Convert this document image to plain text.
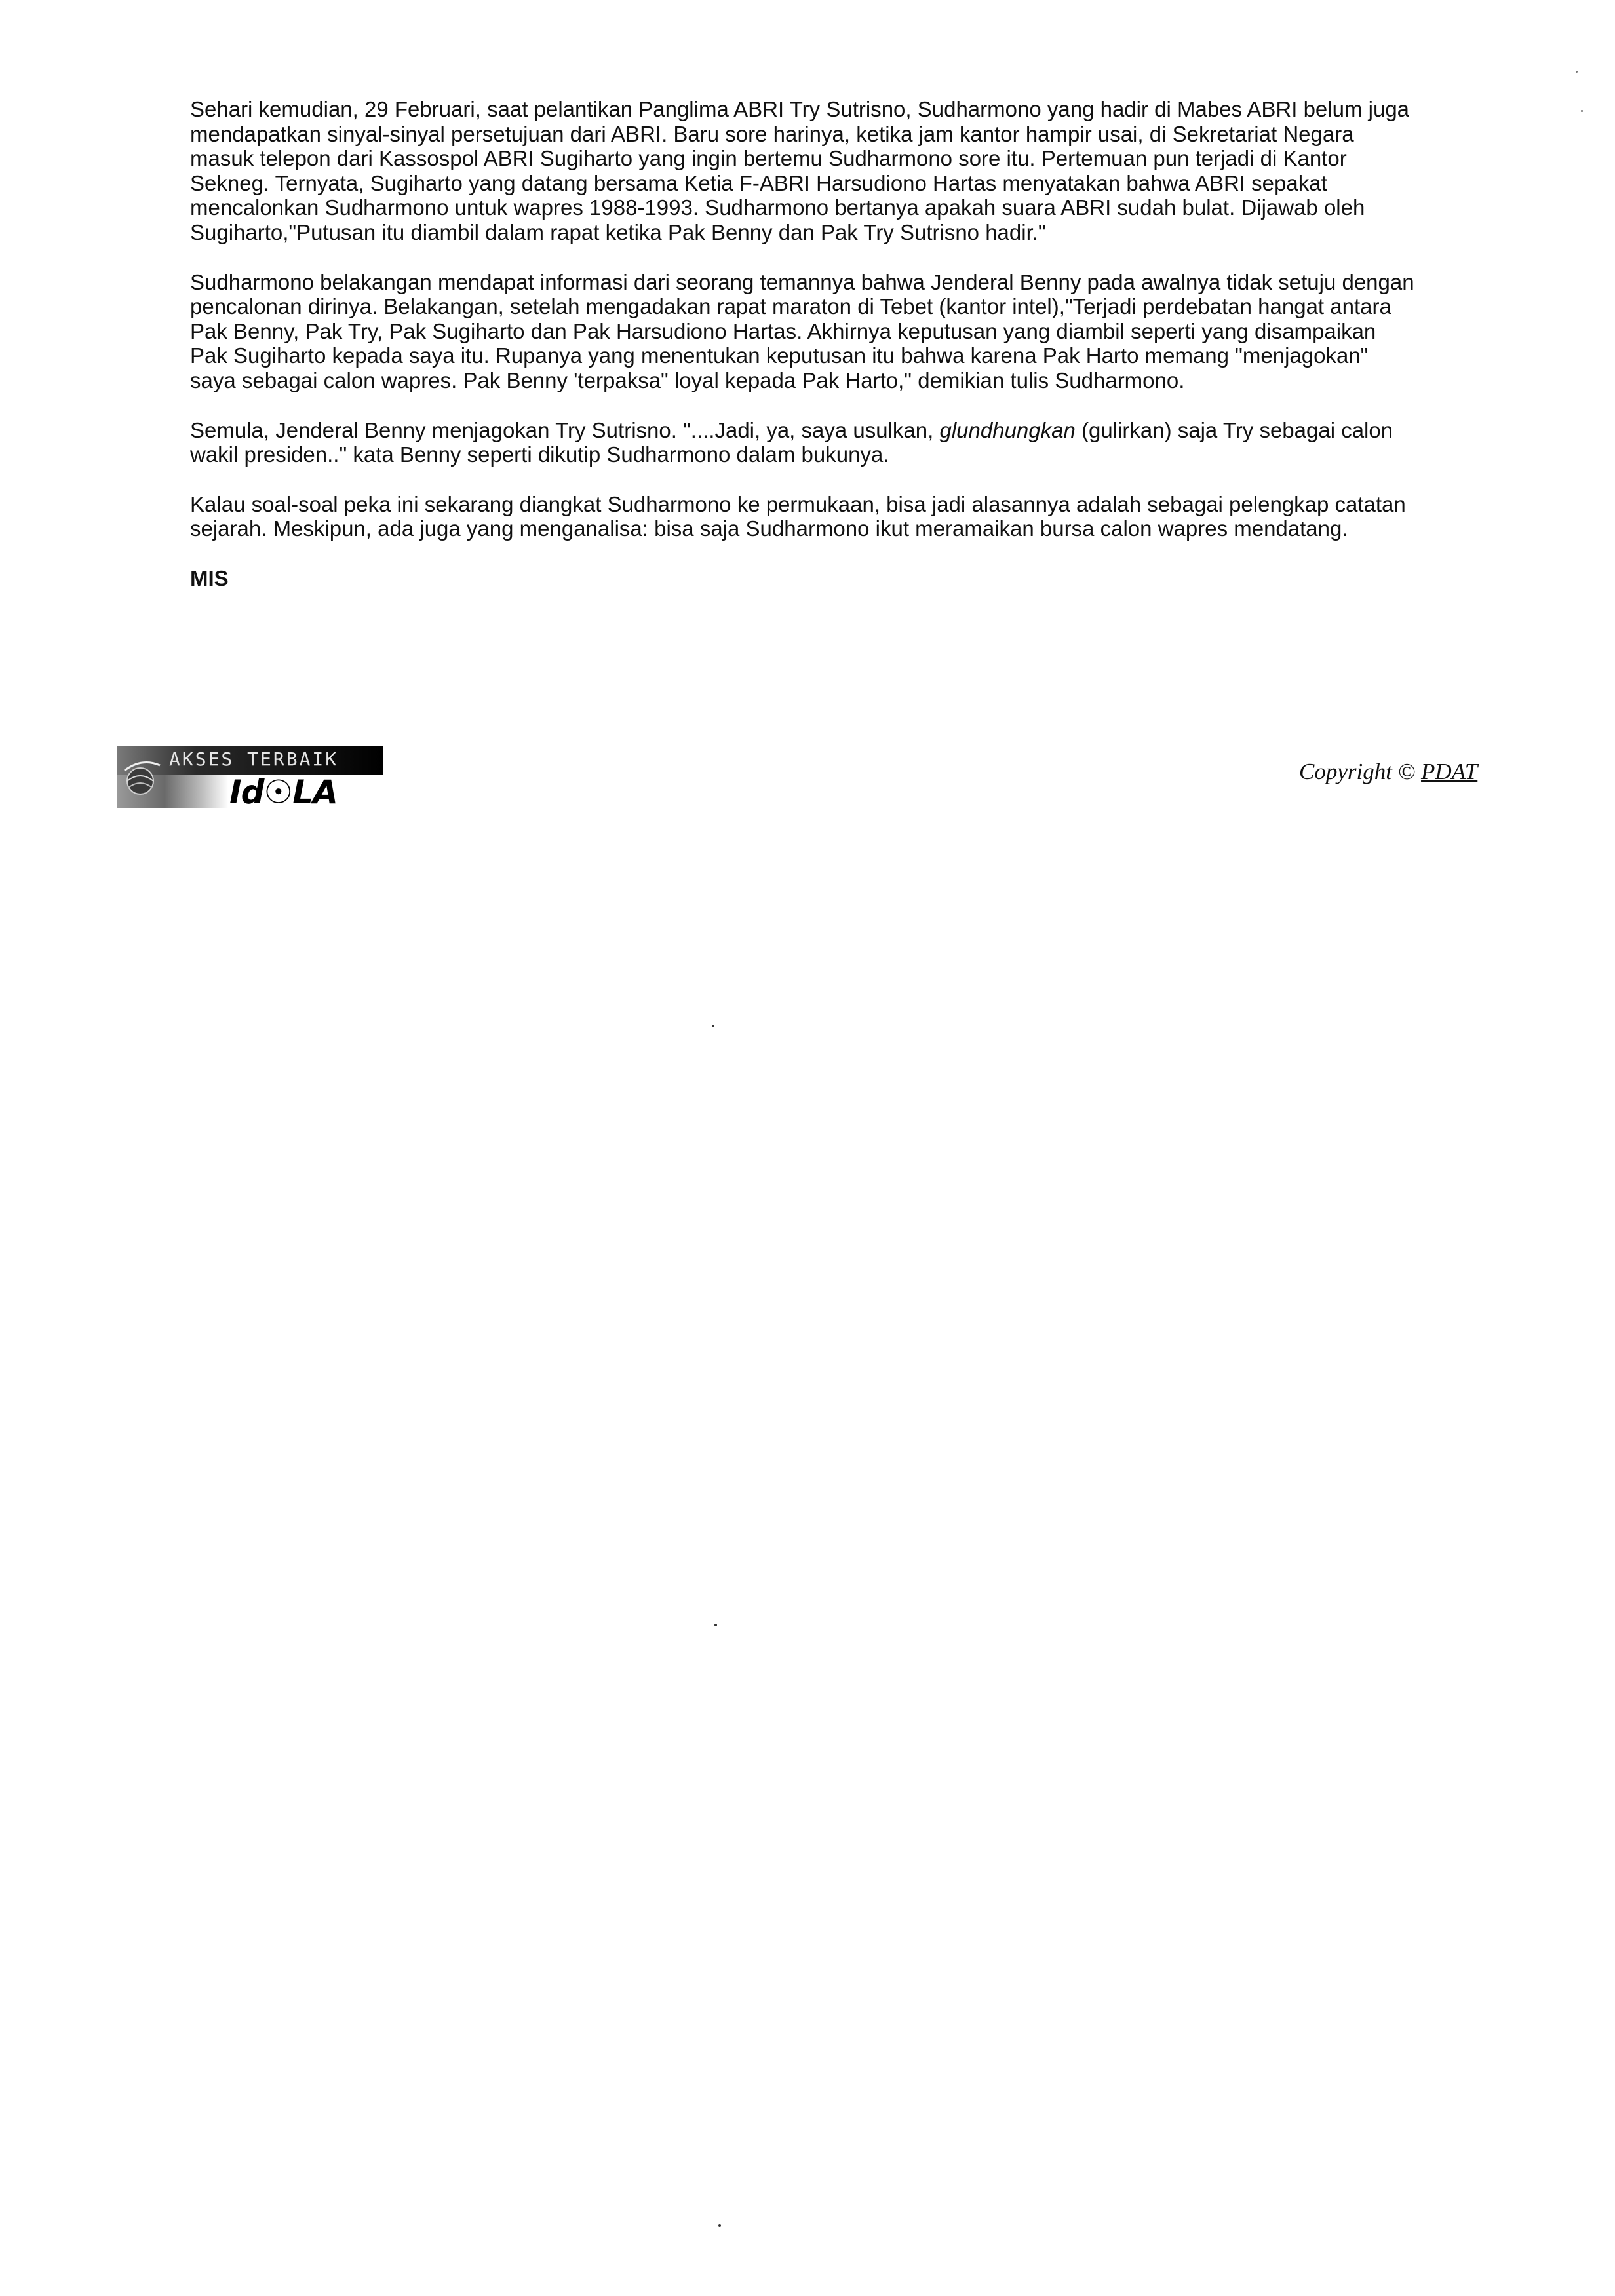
Sehari kemudian, 29 Februari, saat pelantikan Panglima ABRI Try Sutrisno, Sudharmono yang hadir di Mabes ABRI belum juga mendapatkan sinyal-sinyal persetujuan dari ABRI. Baru sore harinya, ketika jam kantor hampir usai, di Sekretariat Negara masuk telepon dari Kassospol ABRI Sugiharto yang ingin bertemu Sudharmono sore itu. Pertemuan pun terjadi di Kantor Sekneg. Ternyata, Sugiharto yang datang bersama Ketia F-ABRI Harsudiono Hartas menyatakan bahwa ABRI sepakat mencalonkan Sudharmono untuk wapres 1988-1993. Sudharmono bertanya apakah suara ABRI sudah bulat. Dijawab oleh Sugiharto,"Putusan itu diambil dalam rapat ketika Pak Benny dan Pak Try Sutrisno hadir."

Sudharmono belakangan mendapat informasi dari seorang temannya bahwa Jenderal Benny pada awalnya tidak setuju dengan pencalonan dirinya. Belakangan, setelah mengadakan rapat maraton di Tebet (kantor intel),"Terjadi perdebatan hangat antara Pak Benny, Pak Try, Pak Sugiharto dan Pak Harsudiono Hartas. Akhirnya keputusan yang diambil seperti yang disampaikan Pak Sugiharto kepada saya itu. Rupanya yang menentukan keputusan itu bahwa karena Pak Harto memang "menjagokan" saya sebagai calon wapres. Pak Benny 'terpaksa" loyal kepada Pak Harto," demikian tulis Sudharmono.

Semula, Jenderal Benny menjagokan Try Sutrisno. "....Jadi, ya, saya usulkan, glundhungkan (gulirkan) saja Try sebagai calon wakil presiden.." kata Benny seperti dikutip Sudharmono dalam bukunya.

Kalau soal-soal peka ini sekarang diangkat Sudharmono ke permukaan, bisa jadi alasannya adalah sebagai pelengkap catatan sejarah. Meskipun, ada juga yang menganalisa: bisa saja Sudharmono ikut meramaikan bursa calon wapres mendatang.

MIS

AKSES TERBAIK
Id☉LA
Copyright © PDAT
